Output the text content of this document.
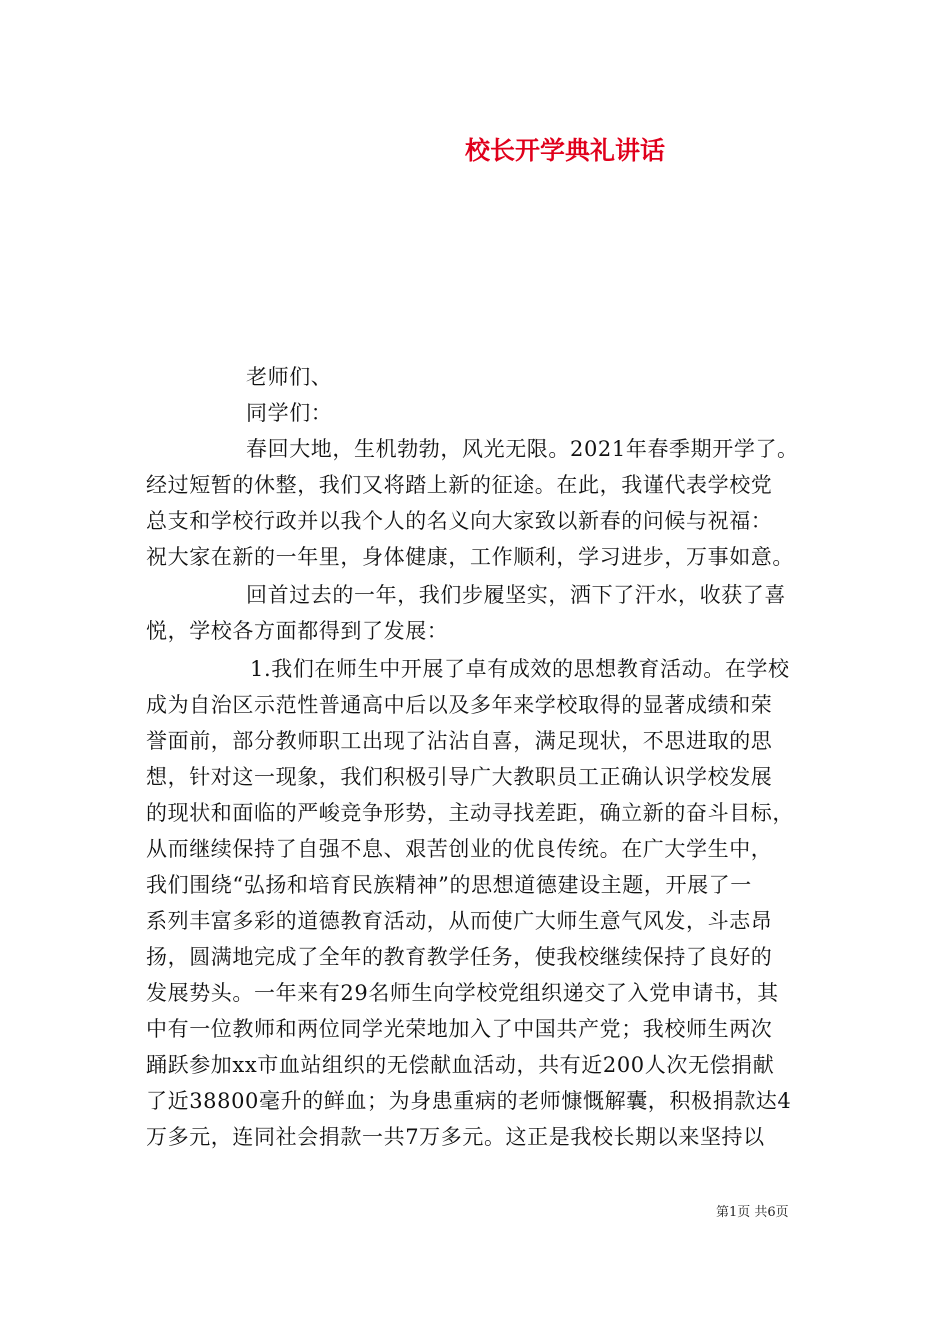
校长开学典礼讲话
老师们、
同学们：
春回大地，生机勃勃，风光无限。2021年春季期开学了。
经过短暂的休整，我们又将踏上新的征途。在此，我谨代表学校党
总支和学校行政并以我个人的名义向大家致以新春的问候与祝福：
祝大家在新的一年里，身体健康，工作顺利，学习进步，万事如意。
回首过去的一年，我们步履坚实，洒下了汗水，收获了喜
悦，学校各方面都得到了发展：
1.我们在师生中开展了卓有成效的思想教育活动。在学校
成为自治区示范性普通高中后以及多年来学校取得的显著成绩和荣
誉面前，部分教师职工出现了沾沾自喜，满足现状，不思进取的思
想，针对这一现象，我们积极引导广大教职员工正确认识学校发展
的现状和面临的严峻竞争形势，主动寻找差距，确立新的奋斗目标，
从而继续保持了自强不息、艰苦创业的优良传统。在广大学生中，
我们围绕“弘扬和培育民族精神”的思想道德建设主题，开展了一
系列丰富多彩的道德教育活动，从而使广大师生意气风发，斗志昂
扬，圆满地完成了全年的教育教学任务，使我校继续保持了良好的
发展势头。一年来有29名师生向学校党组织递交了入党申请书，其
中有一位教师和两位同学光荣地加入了中国共产党；我校师生两次
踊跃参加xx市血站组织的无偿献血活动，共有近200人次无偿捐献
了近38800毫升的鲜血；为身患重病的老师慷慨解囊，积极捐款达4
万多元，连同社会捐款一共7万多元。这正是我校长期以来坚持以
第1页 共6页
